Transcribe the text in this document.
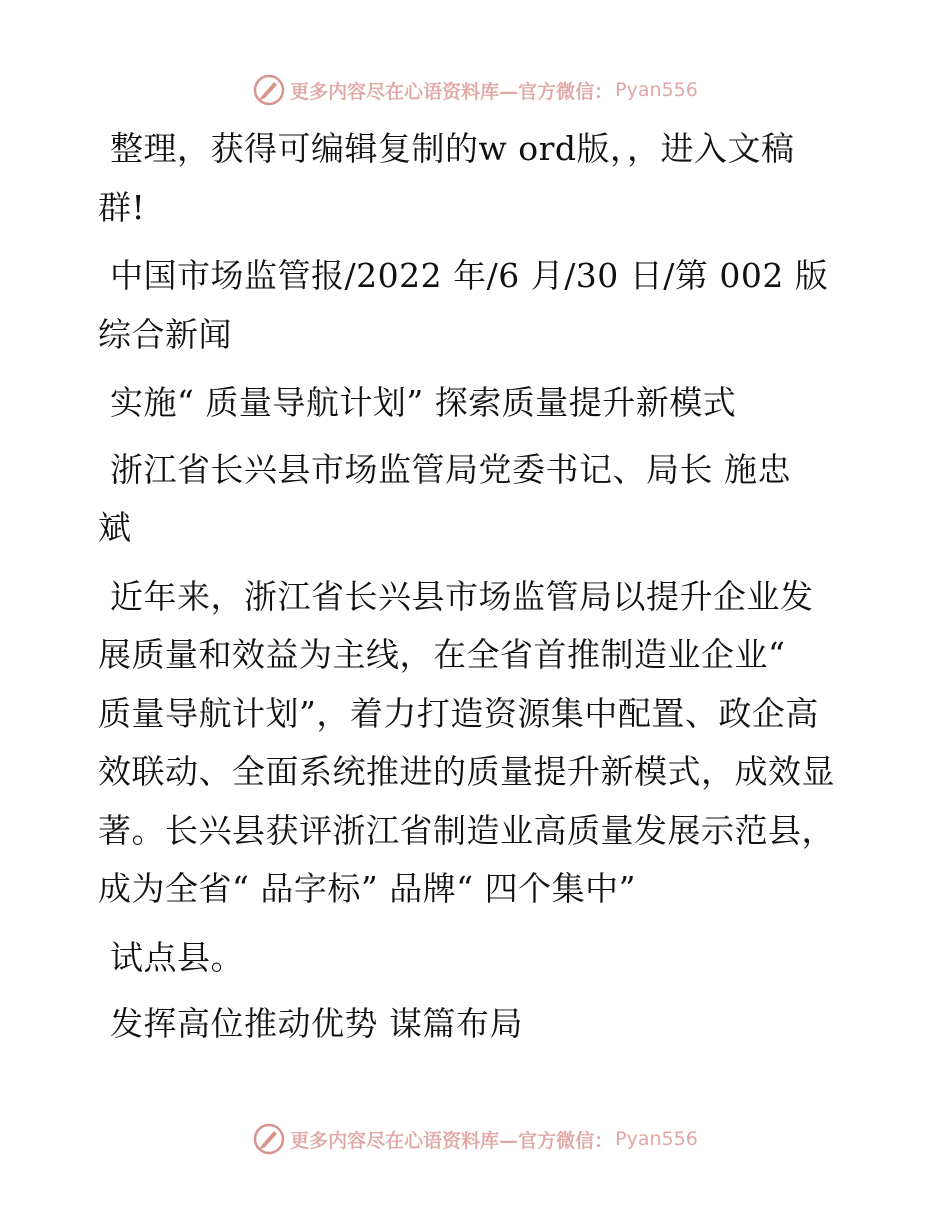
更多内容尽在心语资料库—官方微信： Pyan556

整理，获得可编辑复制的w ord版，，进入文稿
群!

中国市场监管报/2022 年/6 月/30 日/第 002 版
综合新闻

实施“ 质量导航计划” 探索质量提升新模式

浙江省长兴县市场监管局党委书记、局长 施忠
斌

近年来，浙江省长兴县市场监管局以提升企业发
展质量和效益为主线，在全省首推制造业企业“
质量导航计划”，着力打造资源集中配置、政企高
效联动、全面系统推进的质量提升新模式，成效显
著。长兴县获评浙江省制造业高质量发展示范县，
成为全省“ 品字标” 品牌“ 四个集中”

试点县。

发挥高位推动优势 谋篇布局

更多内容尽在心语资料库—官方微信： Pyan556
